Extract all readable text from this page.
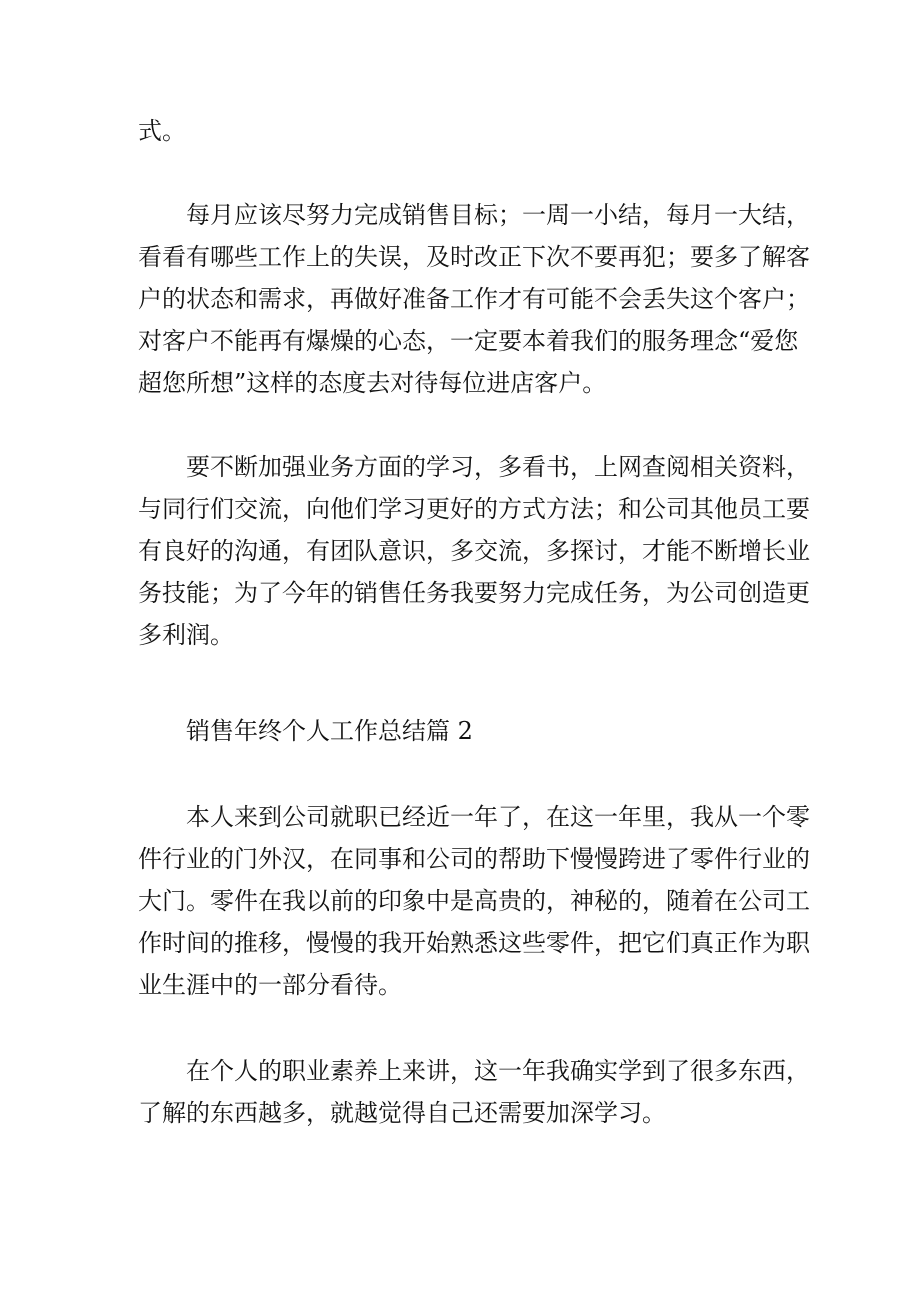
式。
每月应该尽努力完成销售目标；一周一小结，每月一大结，
看看有哪些工作上的失误，及时改正下次不要再犯；要多了解客
户的状态和需求，再做好准备工作才有可能不会丢失这个客户；
对客户不能再有爆燥的心态，一定要本着我们的服务理念“爱您
超您所想”这样的态度去对待每位进店客户。
要不断加强业务方面的学习，多看书，上网查阅相关资料，
与同行们交流，向他们学习更好的方式方法；和公司其他员工要
有良好的沟通，有团队意识，多交流，多探讨，才能不断增长业
务技能；为了今年的销售任务我要努力完成任务，为公司创造更
多利润。
销售年终个人工作总结篇 2
本人来到公司就职已经近一年了，在这一年里，我从一个零
件行业的门外汉，在同事和公司的帮助下慢慢跨进了零件行业的
大门。零件在我以前的印象中是高贵的，神秘的，随着在公司工
作时间的推移，慢慢的我开始熟悉这些零件，把它们真正作为职
业生涯中的一部分看待。
在个人的职业素养上来讲，这一年我确实学到了很多东西，
了解的东西越多，就越觉得自己还需要加深学习。
